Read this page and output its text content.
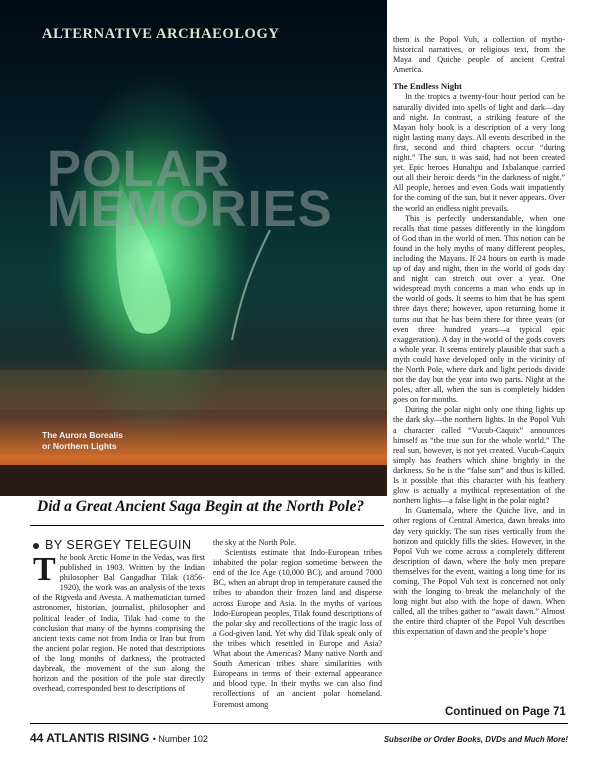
ALTERNATIVE ARCHAEOLOGY
POLAR
MEMORIES
The Aurora Borealis
or Northern Lights
Did a Great Ancient Saga Begin at the North Pole?
BY SERGEY TELEGUIN
T he book Arctic Home in the Vedas, was first published in 1903. Written by the Indian philosopher Bal Gangadhar Tilak (1856-1920), the work was an analysis of the texts of the Rigveda and Avesta. A mathematician turned astronomer, historian, journalist, philosopher and political leader of India, Tilak had come to the conclusion that many of the hymns comprising the ancient texts came not from India or Iran but from the ancient polar region. He noted that descriptions of the long months of darkness, the protracted daybreak, the movement of the sun along the horizon and the position of the pole star directly overhead, corresponded best to descriptions of

the sky at the North Pole.

Scientists estimate that Indo-European tribes inhabited the polar region sometime between the end of the Ice Age (10,000 BC), and around 7000 BC, when an abrupt drop in temperature caused the tribes to abandon their frozen land and disperse across Europe and Asia. In the myths of various Indo-European peoples, Tilak found descriptions of the polar sky and recollections of the tragic loss of a God-given land. Yet why did Tilak speak only of the tribes which resettled in Europe and Asia? What about the Americas? Many native North and South American tribes share similarities with Europeans in terms of their external appearance and blood type. In their myths we can also find recollections of an ancient polar homeland. Foremost among

them is the Popol Vuh, a collection of mytho-historical narratives, or religious text, from the Maya and Quiche people of ancient Central America.

The Endless Night

In the tropics a twenty-four hour period can be naturally divided into spells of light and dark—day and night. In contrast, a striking feature of the Mayan holy book is a description of a very long night lasting many days. All events described in the first, second and third chapters occur “during night.” The sun, it was said, had not been created yet. Epic heroes Hunahpu and Ixbalanque carried out all their heroic deeds “in the darkness of night.” All people, heroes and even Gods wait impatiently for the coming of the sun, but it never appears. Over the world an endless night prevails.

This is perfectly understandable, when one recalls that time passes differently in the kingdom of God than in the world of men. This notion can be found in the holy myths of many different peoples, including the Mayans. If 24 hours on earth is made up of day and night, then in the world of gods day and night can stretch out over a year. One widespread myth concerns a man who ends up in the world of gods. It seems to him that he has spent three days there; however, upon returning home it turns out that he has been there for three years (or even three hundred years—a typical epic exaggeration). A day in the world of the gods covers a whole year. It seems entirely plausible that such a myth could have developed only in the vicinity of the North Pole, where dark and light periods divide not the day but the year into two parts. Night at the poles, after all, when the sun is completely hidden goes on for months.

During the polar night only one thing lights up the dark sky—the northern lights. In the Popol Vuh a character called “Vucub-Caquix” announces himself as “the true sun for the whole world.” The real sun, however, is not yet created. Vucub-Caquix simply has feathers which shine brightly in the darkness. So he is the “false sun” and thus is killed. Is it possible that this character with his feathery glow is actually a mythical representation of the northern lights—a false light in the polar night?

In Guatemala, where the Quiche live, and in other regions of Central America, dawn breaks into day very quickly. The sun rises vertically from the horizon and quickly fills the skies. However, in the Popol Vuh we come across a completely different description of dawn, where the holy men prepare themselves for the event, waiting a long time for its coming. The Popol Vuh text is concerned not only with the longing to break the melancholy of the long night but also with the hope of dawn. When called, all the tribes gather to “await dawn.” Almost the entire third chapter of the Popol Vuh describes this expectation of dawn and the people’s hope

Continued on Page 71
44 ATLANTIS RISING • Number 102	Subscribe or Order Books, DVDs and Much More!
